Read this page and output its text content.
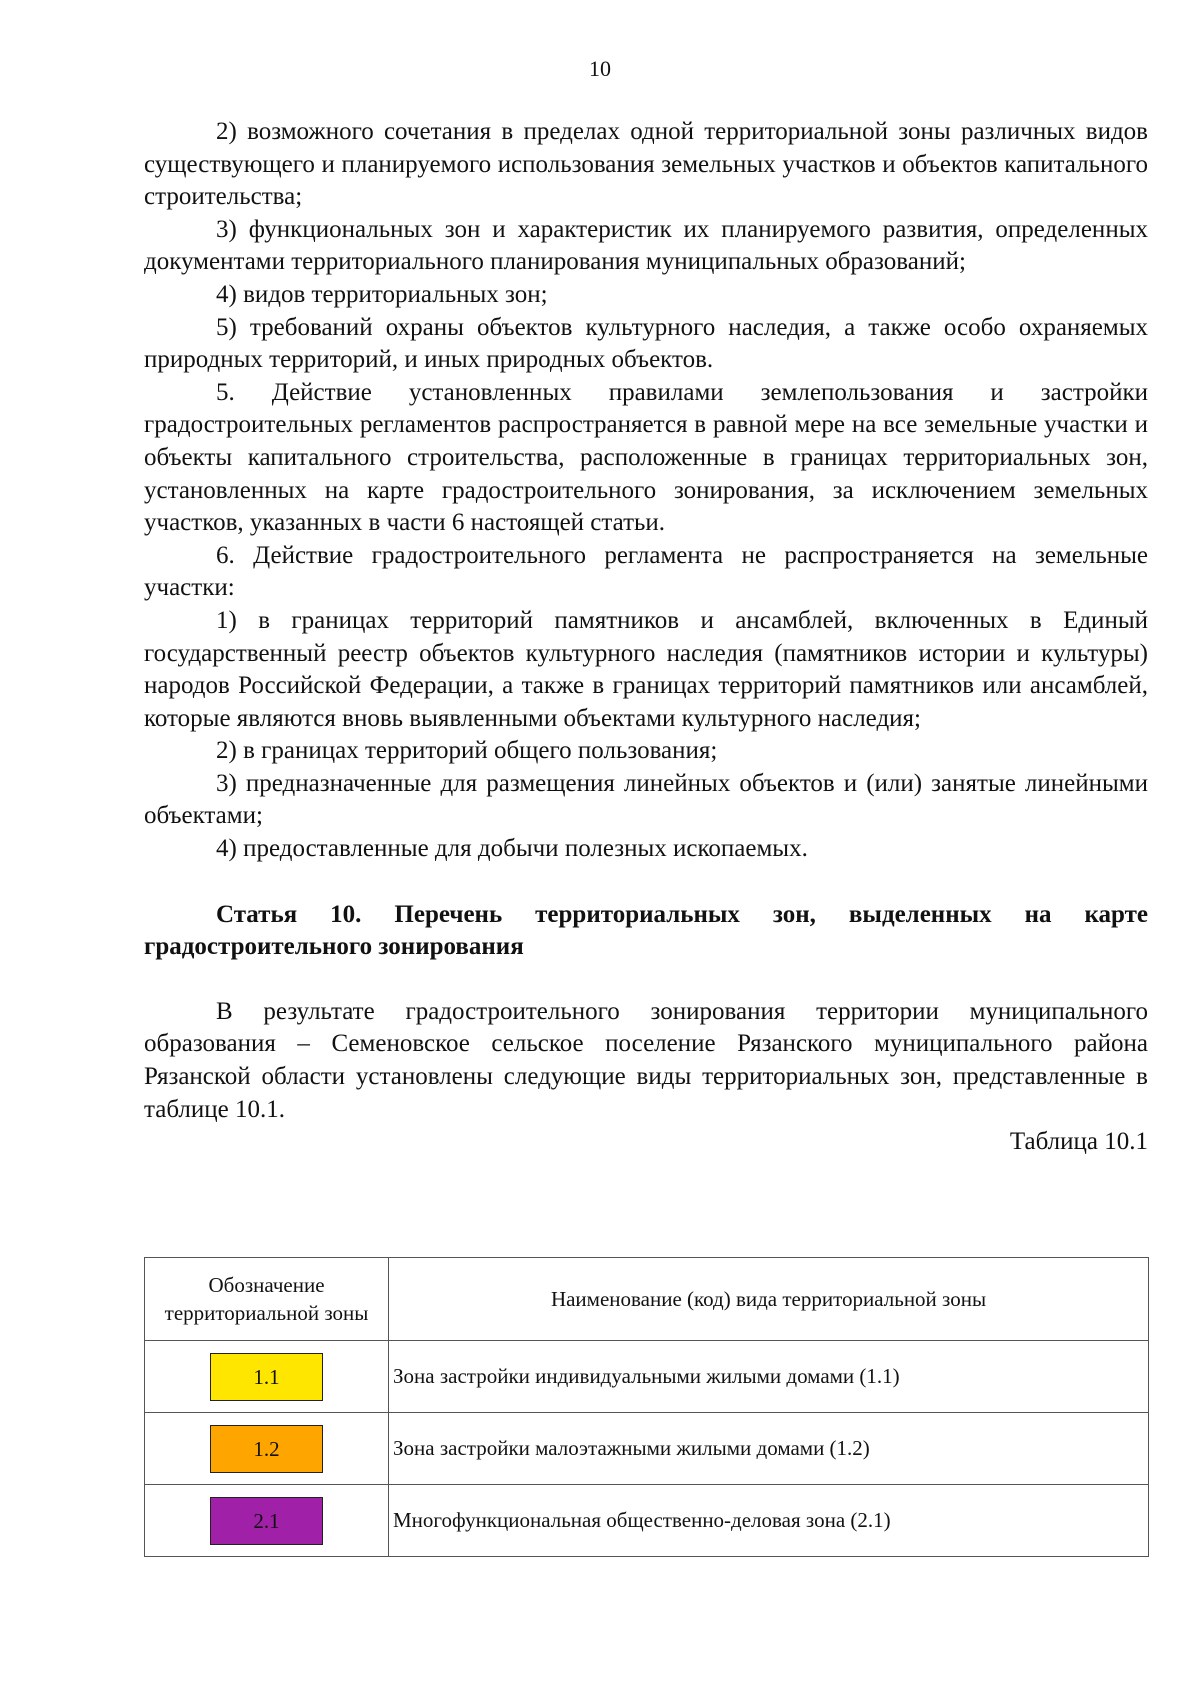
10

2) возможного сочетания в пределах одной территориальной зоны различных видов существующего и планируемого использования земельных участков и объектов капитального строительства;

3) функциональных зон и характеристик их планируемого развития, определенных документами территориального планирования муниципальных образований;

4) видов территориальных зон;

5) требований охраны объектов культурного наследия, а также особо охраняемых природных территорий, и иных природных объектов.

5. Действие установленных правилами землепользования и застройки градостроительных регламентов распространяется в равной мере на все земельные участки и объекты капитального строительства, расположенные в границах территориальных зон, установленных на карте градостроительного зонирования, за исключением земельных участков, указанных в части 6 настоящей статьи.

6. Действие градостроительного регламента не распространяется на земельные участки:

1) в границах территорий памятников и ансамблей, включенных в Единый государственный реестр объектов культурного наследия (памятников истории и культуры) народов Российской Федерации, а также в границах территорий памятников или ансамблей, которые являются вновь выявленными объектами культурного наследия;

2) в границах территорий общего пользования;

3) предназначенные для размещения линейных объектов и (или) занятые линейными объектами;

4) предоставленные для добычи полезных ископаемых.

Статья 10. Перечень территориальных зон, выделенных на карте градостроительного зонирования

В результате градостроительного зонирования территории муниципального образования – Семеновское сельское поселение Рязанского муниципального района Рязанской области установлены следующие виды территориальных зон, представленные в таблице 10.1.

Таблица 10.1

Обозначение территориальной зоны	Наименование (код) вида территориальной зоны
1.1	Зона застройки индивидуальными жилыми домами (1.1)
1.2	Зона застройки малоэтажными жилыми домами (1.2)
2.1	Многофункциональная общественно-деловая зона (2.1)
